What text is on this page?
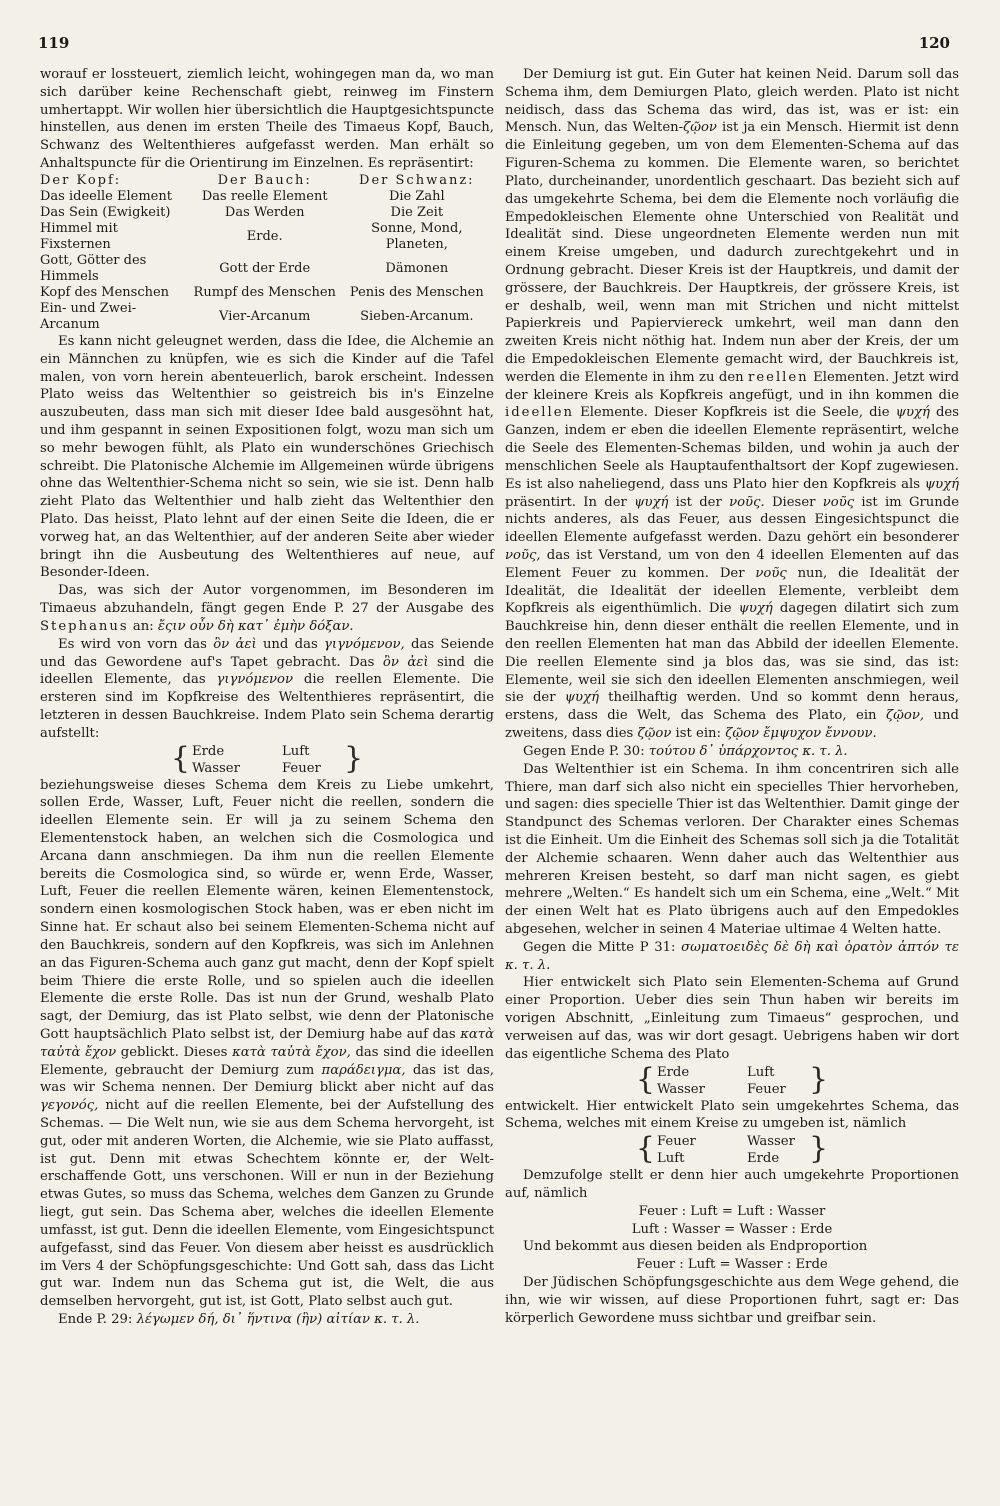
119	120

worauf er lossteuert, ziemlich leicht, wohingegen man da, wo man sich darüber keine Rechenschaft giebt, reinweg im Finstern umhertappt. Wir wollen hier übersichtlich die Hauptgesichtspuncte hinstellen, aus denen im ersten Theile des Timaeus Kopf, Bauch, Schwanz des Weltenthieres aufgefasst werden. Man erhält so Anhaltspuncte für die Orientirung im Einzelnen. Es repräsentirt:

Der Kopf:	Der Bauch:	Der Schwanz:
Das ideelle Element	Das reelle Element	Die Zahl
Das Sein (Ewigkeit)	Das Werden	Die Zeit
Himmel mit Fixsternen	Erde.	Sonne, Mond, Planeten,
Gott, Götter des Himmels	Gott der Erde	Dämonen
Kopf des Menschen	Rumpf des Menschen	Penis des Menschen
Ein- und Zwei-Arcanum	Vier-Arcanum	Sieben-Arcanum.

Es kann nicht geleugnet werden, dass die Idee, die Alchemie an ein Männchen zu knüpfen, wie es sich die Kinder auf die Tafel malen, von vorn herein abenteuerlich, barok erscheint. Indessen Plato weiss das Weltenthier so geistreich bis in's Einzelne auszubeuten, dass man sich mit dieser Idee bald ausgesöhnt hat, und ihm gespannt in seinen Expositionen folgt, wozu man sich um so mehr bewogen fühlt, als Plato ein wunderschönes Griechisch schreibt. Die Platonische Alchemie im Allgemeinen würde übrigens ohne das Weltenthier-Schema nicht so sein, wie sie ist. Denn halb zieht Plato das Weltenthier und halb zieht das Weltenthier den Plato. Das heisst, Plato lehnt auf der einen Seite die Ideen, die er vorweg hat, an das Weltenthier, auf der anderen Seite aber wieder bringt ihn die Ausbeutung des Weltenthieres auf neue, auf Besonder-Ideen.

Das, was sich der Autor vorgenommen, im Besonderen im Timaeus abzuhandeln, fängt gegen Ende P. 27 der Ausgabe des Stephanus an: ἔςιν οὖν δὴ κατ᾽ ἐμὴν δόξαν.

Es wird von vorn das ὂν ἀεὶ und das γιγνόμενον, das Seiende und das Gewordene auf's Tapet gebracht. Das ὂν ἀεὶ sind die ideellen Elemente, das γιγνόμενον die reellen Elemente. Die ersteren sind im Kopfkreise des Weltenthieres repräsentirt, die letzteren in dessen Bauchkreise. Indem Plato sein Schema derartig aufstellt:

{ Erde	Luft
Wasser	Feuer }

beziehungsweise dieses Schema dem Kreis zu Liebe umkehrt, sollen Erde, Wasser, Luft, Feuer nicht die reellen, sondern die ideellen Elemente sein. Er will ja zu seinem Schema den Elementenstock haben, an welchen sich die Cosmologica und Arcana dann anschmiegen. Da ihm nun die reellen Elemente bereits die Cosmologica sind, so würde er, wenn Erde, Wasser, Luft, Feuer die reellen Elemente wären, keinen Elementenstock, sondern einen kosmologischen Stock haben, was er eben nicht im Sinne hat. Er schaut also bei seinem Elementen-Schema nicht auf den Bauchkreis, sondern auf den Kopfkreis, was sich im Anlehnen an das Figuren-Schema auch ganz gut macht, denn der Kopf spielt beim Thiere die erste Rolle, und so spielen auch die ideellen Elemente die erste Rolle. Das ist nun der Grund, weshalb Plato sagt, der Demiurg, das ist Plato selbst, wie denn der Platonische Gott hauptsächlich Plato selbst ist, der Demiurg habe auf das κατὰ ταὐτὰ ἔχον geblickt. Dieses κατὰ ταὐτὰ ἔχον, das sind die ideellen Elemente, gebraucht der Demiurg zum παράδειγμα, das ist das, was wir Schema nennen. Der Demiurg blickt aber nicht auf das γεγονός, nicht auf die reellen Elemente, bei der Aufstellung des Schemas. — Die Welt nun, wie sie aus dem Schema hervorgeht, ist gut, oder mit anderen Worten, die Alchemie, wie sie Plato auffasst, ist gut. Denn mit etwas Schechtem könnte er, der Welt-erschaffende Gott, uns verschonen. Will er nun in der Beziehung etwas Gutes, so muss das Schema, welches dem Ganzen zu Grunde liegt, gut sein. Das Schema aber, welches die ideellen Elemente umfasst, ist gut. Denn die ideellen Elemente, vom Eingesichtspunct aufgefasst, sind das Feuer. Von diesem aber heisst es ausdrücklich im Vers 4 der Schöpfungsgeschichte: Und Gott sah, dass das Licht gut war. Indem nun das Schema gut ist, die Welt, die aus demselben hervorgeht, gut ist, ist Gott, Plato selbst auch gut.

Ende P. 29: λέγωμεν δή, δι᾽ ἥντινα (ἣν) αἰτίαν κ. τ. λ.

Der Demiurg ist gut. Ein Guter hat keinen Neid. Darum soll das Schema ihm, dem Demiurgen Plato, gleich werden. Plato ist nicht neidisch, dass das Schema das wird, das ist, was er ist: ein Mensch. Nun, das Welten-ζῷον ist ja ein Mensch. Hiermit ist denn die Einleitung gegeben, um von dem Elementen-Schema auf das Figuren-Schema zu kommen. Die Elemente waren, so berichtet Plato, durcheinander, unordentlich geschaart. Das bezieht sich auf das umgekehrte Schema, bei dem die Elemente noch vorläufig die Empedokleischen Elemente ohne Unterschied von Realität und Idealität sind. Diese ungeordneten Elemente werden nun mit einem Kreise umgeben, und dadurch zurechtgekehrt und in Ordnung gebracht. Dieser Kreis ist der Hauptkreis, und damit der grössere, der Bauchkreis. Der Hauptkreis, der grössere Kreis, ist er deshalb, weil, wenn man mit Strichen und nicht mittelst Papierkreis und Papierviereck umkehrt, weil man dann den zweiten Kreis nicht nöthig hat. Indem nun aber der Kreis, der um die Empedokleischen Elemente gemacht wird, der Bauchkreis ist, werden die Elemente in ihm zu den reellen Elementen. Jetzt wird der kleinere Kreis als Kopfkreis angefügt, und in ihn kommen die ideellen Elemente. Dieser Kopfkreis ist die Seele, die ψυχή des Ganzen, indem er eben die ideellen Elemente repräsentirt, welche die Seele des Elementen-Schemas bilden, und wohin ja auch der menschlichen Seele als Hauptaufenthaltsort der Kopf zugewiesen. Es ist also naheliegend, dass uns Plato hier den Kopfkreis als ψυχή präsentirt. In der ψυχή ist der νοῦς. Dieser νοῦς ist im Grunde nichts anderes, als das Feuer, aus dessen Eingesichtspunct die ideellen Elemente aufgefasst werden. Dazu gehört ein besonderer νοῦς, das ist Verstand, um von den 4 ideellen Elementen auf das Element Feuer zu kommen. Der νοῦς nun, die Idealität der Idealität, die Idealität der ideellen Elemente, verbleibt dem Kopfkreis als eigenthümlich. Die ψυχή dagegen dilatirt sich zum Bauchkreise hin, denn dieser enthält die reellen Elemente, und in den reellen Elementen hat man das Abbild der ideellen Elemente. Die reellen Elemente sind ja blos das, was sie sind, das ist: Elemente, weil sie sich den ideellen Elementen anschmiegen, weil sie der ψυχή theilhaftig werden. Und so kommt denn heraus, erstens, dass die Welt, das Schema des Plato, ein ζῷον, und zweitens, dass dies ζῷον ist ein: ζῷον ἔμψυχον ἔννουν.

Gegen Ende P. 30: τούτου δ᾽ ὑπάρχοντος κ. τ. λ.

Das Weltenthier ist ein Schema. In ihm concentriren sich alle Thiere, man darf sich also nicht ein specielles Thier hervorheben, und sagen: dies specielle Thier ist das Weltenthier. Damit ginge der Standpunct des Schemas verloren. Der Charakter eines Schemas ist die Einheit. Um die Einheit des Schemas soll sich ja die Totalität der Alchemie schaaren. Wenn daher auch das Weltenthier aus mehreren Kreisen besteht, so darf man nicht sagen, es giebt mehrere „Welten.“ Es handelt sich um ein Schema, eine „Welt.“ Mit der einen Welt hat es Plato übrigens auch auf den Empedokles abgesehen, welcher in seinen 4 Materiae ultimae 4 Welten hatte.

Gegen die Mitte P 31: σωματοειδὲς δὲ δὴ καὶ ὁρατὸν ἁπτόν τε κ. τ. λ.

Hier entwickelt sich Plato sein Elementen-Schema auf Grund einer Proportion. Ueber dies sein Thun haben wir bereits im vorigen Abschnitt, „Einleitung zum Timaeus“ gesprochen, und verweisen auf das, was wir dort gesagt. Uebrigens haben wir dort das eigentliche Schema des Plato

{ Erde	Luft
Wasser	Feuer }

entwickelt. Hier entwickelt Plato sein umgekehrtes Schema, das Schema, welches mit einem Kreise zu umgeben ist, nämlich

{ Feuer	Wasser
Luft	Erde }

Demzufolge stellt er denn hier auch umgekehrte Proportionen auf, nämlich

Feuer : Luft = Luft : Wasser

Luft : Wasser = Wasser : Erde

Und bekommt aus diesen beiden als Endproportion

Feuer : Luft = Wasser : Erde

Der Jüdischen Schöpfungsgeschichte aus dem Wege gehend, die ihn, wie wir wissen, auf diese Proportionen fuhrt, sagt er: Das körperlich Gewordene muss sichtbar und greifbar sein.
